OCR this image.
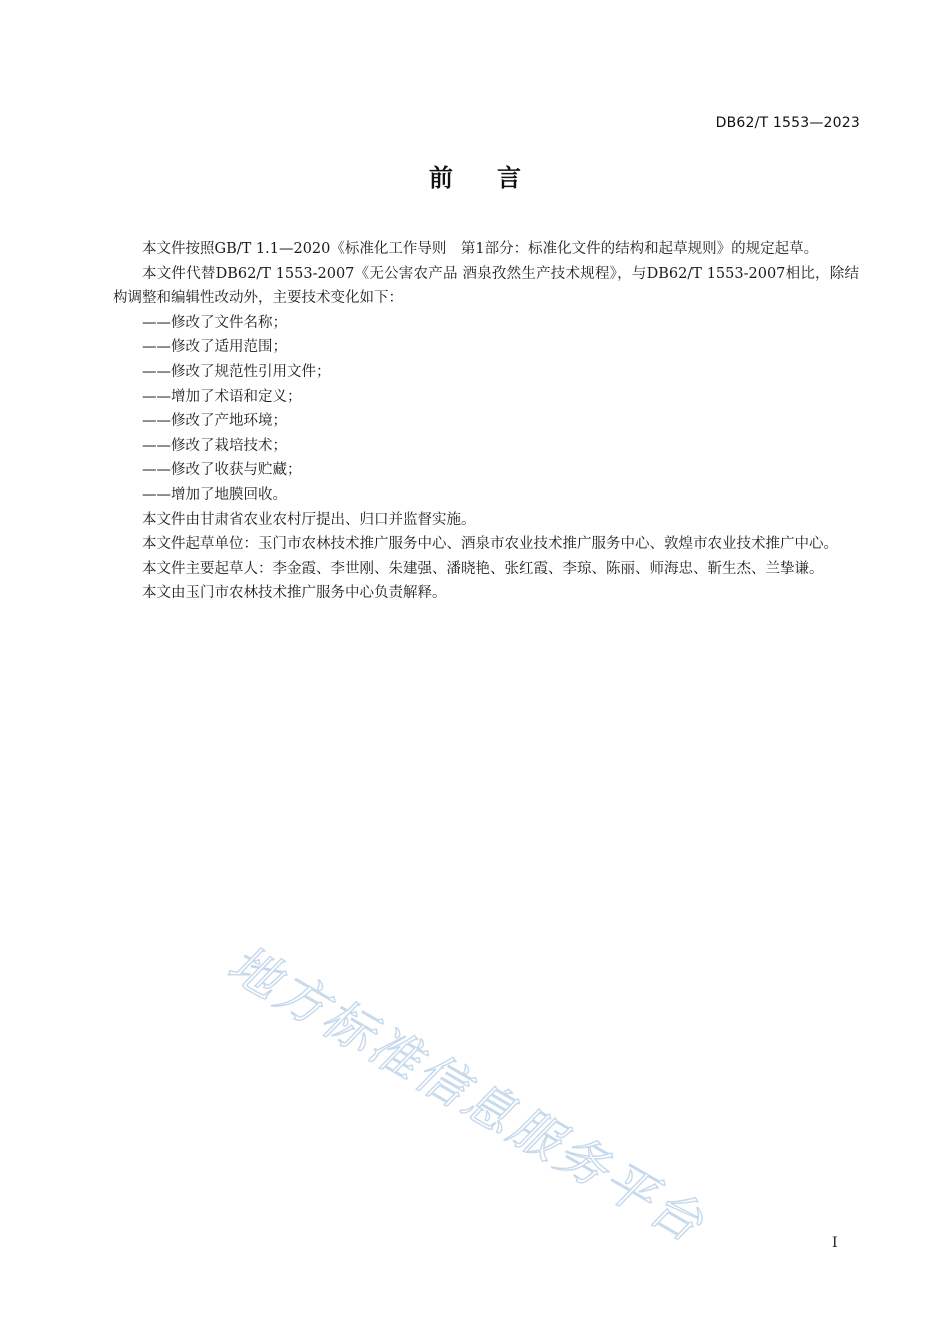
DB62/T 1553—2023
前言

本文件按照GB/T 1.1—2020《标准化工作导则　第1部分：标准化文件的结构和起草规则》的规定起草。

本文件代替DB62/T 1553-2007《无公害农产品 酒泉孜然生产技术规程》，与DB62/T 1553-2007相比，除结构调整和编辑性改动外，主要技术变化如下：

——修改了文件名称；

——修改了适用范围；

——修改了规范性引用文件；

——增加了术语和定义；

——修改了产地环境；

——修改了栽培技术；

——修改了收获与贮藏；

——增加了地膜回收。

本文件由甘肃省农业农村厅提出、归口并监督实施。

本文件起草单位：玉门市农林技术推广服务中心、酒泉市农业技术推广服务中心、敦煌市农业技术推广中心。

本文件主要起草人：李金霞、李世刚、朱建强、潘晓艳、张红霞、李琼、陈丽、师海忠、靳生杰、兰挚谦。

本文由玉门市农林技术推广服务中心负责解释。

地方标准信息服务平台	I
